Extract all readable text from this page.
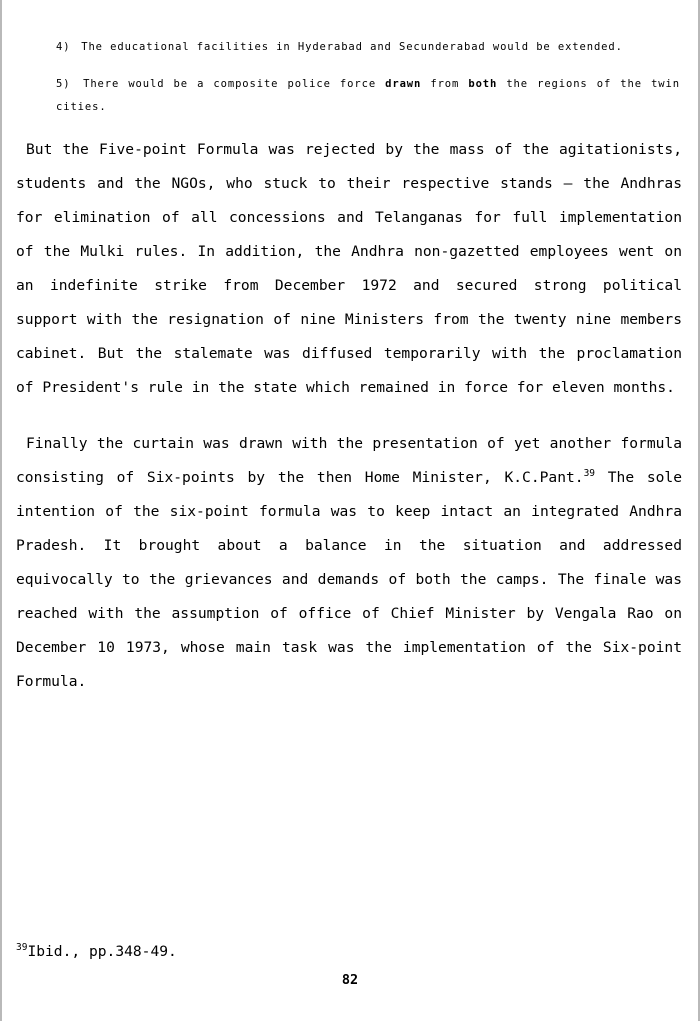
4) The educational facilities in Hyderabad and Secunderabad would be extended.

5) There would be a composite police force drawn from both the regions of the twin cities.

But the Five-point Formula was rejected by the mass of the agitationists, students and the NGOs, who stuck to their respective stands — the Andhras for elimination of all concessions and Telanganas for full implementation of the Mulki rules. In addition, the Andhra non-gazetted employees went on an indefinite strike from December 1972 and secured strong political support with the resignation of nine Ministers from the twenty nine members cabinet. But the stalemate was diffused temporarily with the proclamation of President's rule in the state which remained in force for eleven months.

Finally the curtain was drawn with the presentation of yet another formula consisting of Six-points by the then Home Minister, K.C.Pant.$^{39}$ The sole intention of the six-point formula was to keep intact an integrated Andhra Pradesh. It brought about a balance in the situation and addressed equivocally to the grievances and demands of both the camps. The finale was reached with the assumption of office of Chief Minister by Vengala Rao on December 10 1973, whose main task was the implementation of the Six-point Formula.

$^{39}$Ibid., pp.348-49.
82
